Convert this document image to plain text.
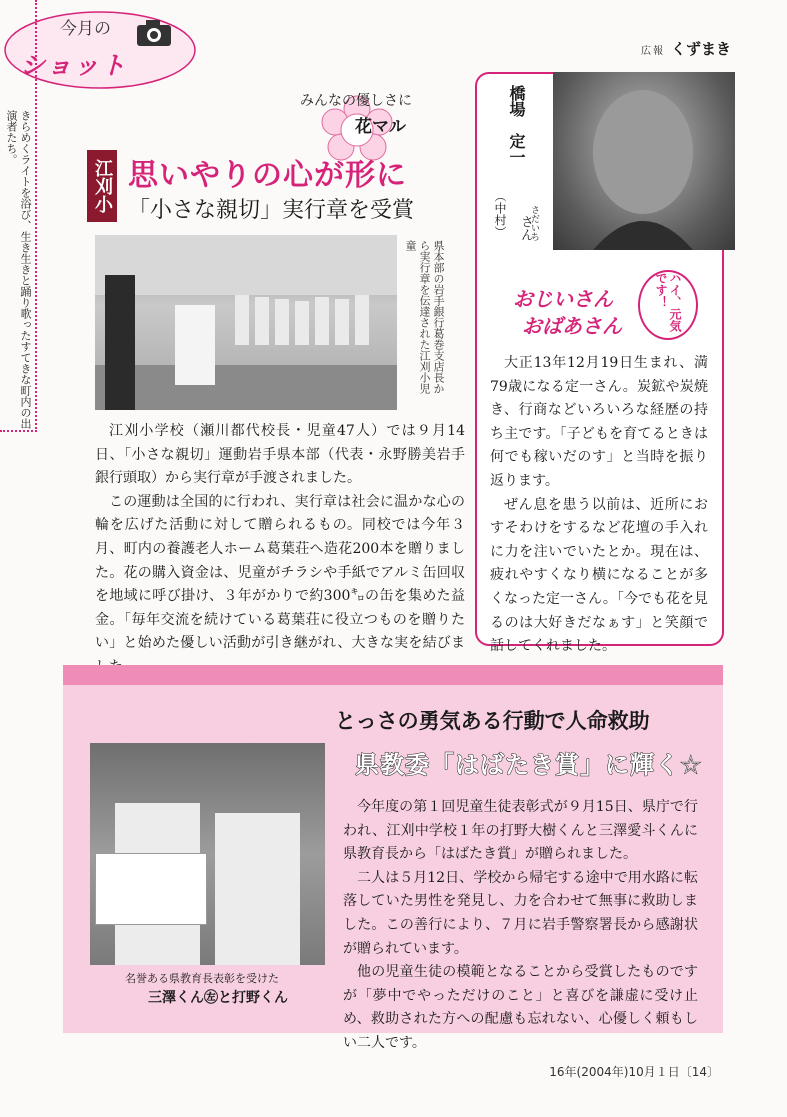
今月の
ショット
きらめくライトを浴び、生き生きと踊り歌ったすてきな町内の出演者たち。
広報 くずまき
みんなの優しさに
花マル
江刈小 思いやりの心が形に
「小さな親切」実行章を受賞
県本部の岩手銀行葛巻支店長から実行章を伝達された江刈小児童

江刈小学校（瀬川都代校長・児童47人）では９月14日、「小さな親切」運動岩手県本部（代表・永野勝美岩手銀行頭取）から実行章が手渡されました。

この運動は全国的に行われ、実行章は社会に温かな心の輪を広げた活動に対して贈られるもの。同校では今年３月、町内の養護老人ホーム葛葉荘へ造花200本を贈りました。花の購入資金は、児童がチラシや手紙でアルミ缶回収を地域に呼び掛け、３年がかりで約300㌔の缶を集めた益金。「毎年交流を続けている葛葉荘に役立つものを贈りたい」と始めた優しい活動が引き継がれ、大きな実を結びま

橋場　定一
さだいち
（中村） さん
おじいさん
おばあさん	ハイ、元気です！

大正13年12月19日生まれ、満79歳になる定一さん。炭鉱や炭焼き、行商などいろいろな経歴の持ち主です。「子どもを育てるときは何でも稼いだのす」と当時を振り返ります。

ぜん息を患う以前は、近所におすそわけをするなど花壇の手入れに力を注いでいたとか。現在は、疲れやすくなり横になることが多くなった定一さん。「今でも花を見るのは大好きだなぁす」と笑顔で話してくれました。

とっさの勇気ある行動で人命救助
県教委「はばたき賞」に輝く☆
名誉ある県教育長表彰を受けた
三澤くん㊧と打野くん

今年度の第１回児童生徒表彰式が９月15日、県庁で行われ、江刈中学校１年の打野大樹くんと三澤愛斗くんに県教育長から「はばたき賞」が贈られました。

二人は５月12日、学校から帰宅する途中で用水路に転落していた男性を発見し、力を合わせて無事に救助しました。この善行により、７月に岩手警察署長から感謝状が贈られています。

他の児童生徒の模範となることから受賞したものですが「夢中でやっただけのこと」と喜びを謙虚に受け止め、救助された方への配慮も忘れない、心優しく頼もしい二人です。

16年(2004年)10月１日〔14〕
